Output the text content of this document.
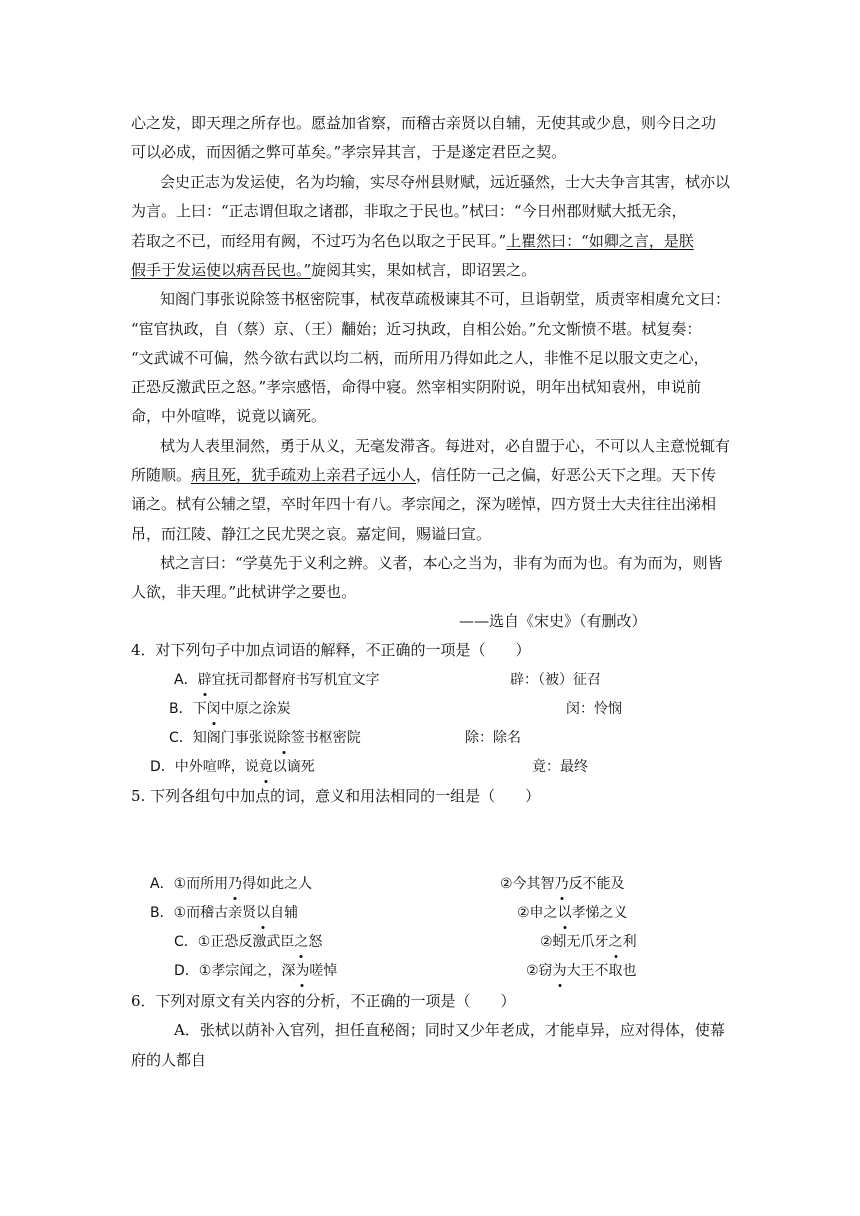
心之发，即天理之所存也。愿益加省察，而稽古亲贤以自辅，无使其或少息，则今日之功
可以必成，而因循之弊可革矣。”孝宗异其言，于是遂定君臣之契。
会史正志为发运使，名为均输，实尽夺州县财赋，远近骚然，士大夫争言其害，栻亦以
为言。上曰：“正志谓但取之诸郡，非取之于民也。”栻曰：“今日州郡财赋大抵无余，
若取之不已，而经用有阙，不过巧为名色以取之于民耳。”上瞿然曰：“如卿之言，是朕
假手于发运使以病吾民也。”旋阅其实，果如栻言，即诏罢之。
知阁门事张说除签书枢密院事，栻夜草疏极谏其不可，旦诣朝堂，质责宰相虞允文曰：
“宦官执政，自（蔡）京、（王）黼始；近习执政，自相公始。”允文惭愤不堪。栻复奏：
“文武诚不可偏，然今欲右武以均二柄，而所用乃得如此之人，非惟不足以服文吏之心，
正恐反激武臣之怒。”孝宗感悟，命得中寝。然宰相实阴附说，明年出栻知袁州，申说前
命，中外喧哗，说竟以谪死。
栻为人表里洞然，勇于从义，无毫发滞吝。每进对，必自盟于心，不可以人主意悦辄有
所随顺。病且死，犹手疏劝上亲君子远小人，信任防一己之偏，好恶公天下之理。天下传
诵之。栻有公辅之望，卒时年四十有八。孝宗闻之，深为嗟悼，四方贤士大夫往往出涕相
吊，而江陵、静江之民尤哭之哀。嘉定间，赐谥曰宣。
栻之言曰：“学莫先于义利之辨。义者，本心之当为，非有为而为也。有为而为，则皆
人欲，非天理。”此栻讲学之要也。
——选自《宋史》（有删改）
4．对下列句子中加点词语的解释，不正确的一项是（　　）
A．辟宜抚司都督府书写机宜文字	辟：（被）征召
B．下闵中原之涂炭	闵：怜悯
C．知阁门事张说除签书枢密院	除：除名
D．中外喧哗，说竟以谪死	竟：最终
5. 下列各组句中加点的词，意义和用法相同的一组是（　　）
A．①而所用乃得如此之人	②今其智乃反不能及
B．①而稽古亲贤以自辅	②申之以孝悌之义
C．①正恐反激武臣之怒	②蚓无爪牙之利
D．①孝宗闻之，深为嗟悼	②窃为大王不取也
6．下列对原文有关内容的分析，不正确的一项是（　　）
A．张栻以荫补入官列，担任直秘阁；同时又少年老成，才能卓异，应对得体，使幕
府的人都自
